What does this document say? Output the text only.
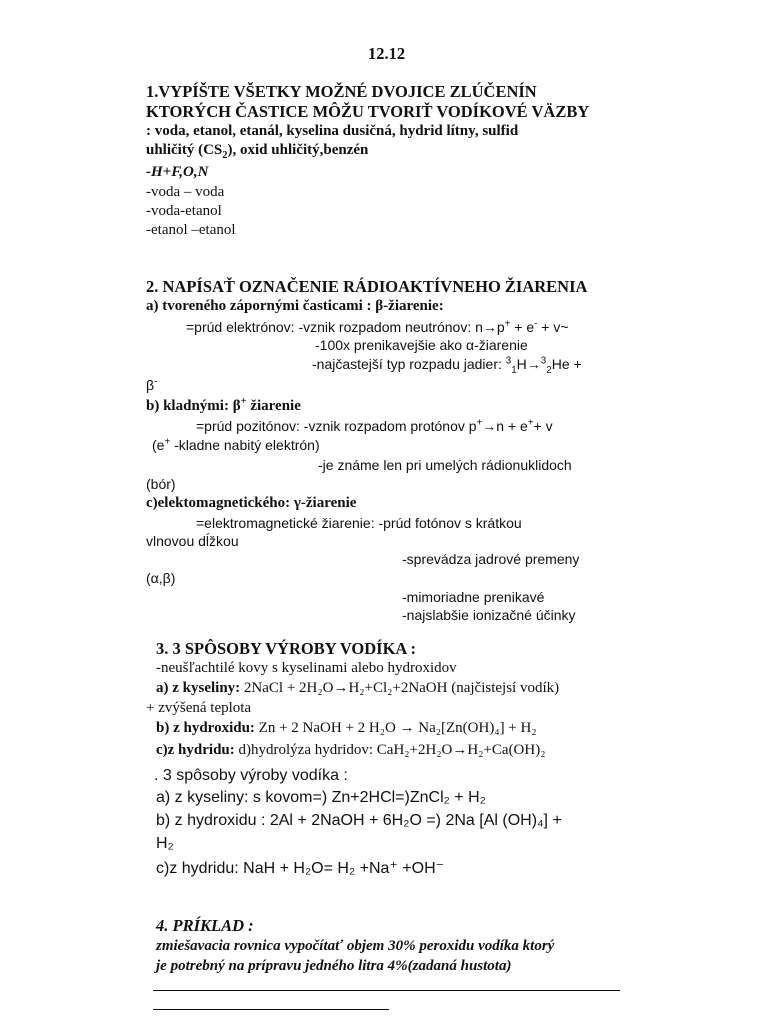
12.12
1.VYPÍŠTE VŠETKY MOŽNÉ DVOJICE ZLÚČENÍN
KTORÝCH ČASTICE MÔŽU TVORIŤ VODÍKOVÉ VÄZBY
: voda, etanol, etanál, kyselina dusičná, hydrid lítny, sulfid
uhličitý $(CS_2)$, oxid uhličitý,benzén
-H+F,O,N
-voda – voda
-voda-etanol
-etanol –etanol
2. NAPÍSAŤ OZNAČENIE RÁDIOAKTÍVNEHO ŽIARENIA
a) tvoreného zápornými časticami : β-žiarenie:
=prúd elektrónov: -vznik rozpadom neutrónov: n→p+ + e- + v~
-100x prenikavejšie ako α-žiarenie
-najčastejší typ rozpadu jadier: $^3_1$H→$^3_2$He +
β-
b) kladnými: β+ žiarenie
=prúd pozitónov: -vznik rozpadom protónov p+→n + e++ v
(e+ -kladne nabitý elektrón)
-je známe len pri umelých rádionuklidoch
(bór)
c)elektomagnetického: γ-žiarenie
=elektromagnetické žiarenie: -prúd fotónov s krátkou
vlnovou dĺžkou
-sprevádza jadrové premeny
(α,β)
-mimoriadne prenikavé
-najslabšie ionizačné účinky
3. 3 SPÔSOBY VÝROBY VODÍKA :
-neušľachtilé kovy s kyselinami alebo hydroxidov
a) z kyseliny: 2NaCl + 2H₂O→H₂+Cl₂+2NaOH (najčistejsí vodík)
+ zvýšená teplota
b) z hydroxidu: Zn + 2 NaOH + 2 H₂O → Na₂[Zn(OH)₄] + H₂
c)z hydridu: d)hydrolýza hydridov: CaH₂+2H₂O→H₂+Ca(OH)₂
. 3 spôsoby výroby vodíka :
a) z kyseliny: s kovom=) Zn+2HCl=)ZnCl₂ + H₂
b) z hydroxidu : 2Al + 2NaOH + 6H₂O =) 2Na [Al (OH)₄] +
H₂
c)z hydridu: NaH + H₂O= H₂ +Na⁺ +OH⁻
4. PRÍKLAD :
zmiešavacia rovnica vypočítať objem 30% peroxidu vodíka ktorý
je potrebný na prípravu jedného litra 4%(zadaná hustota)
